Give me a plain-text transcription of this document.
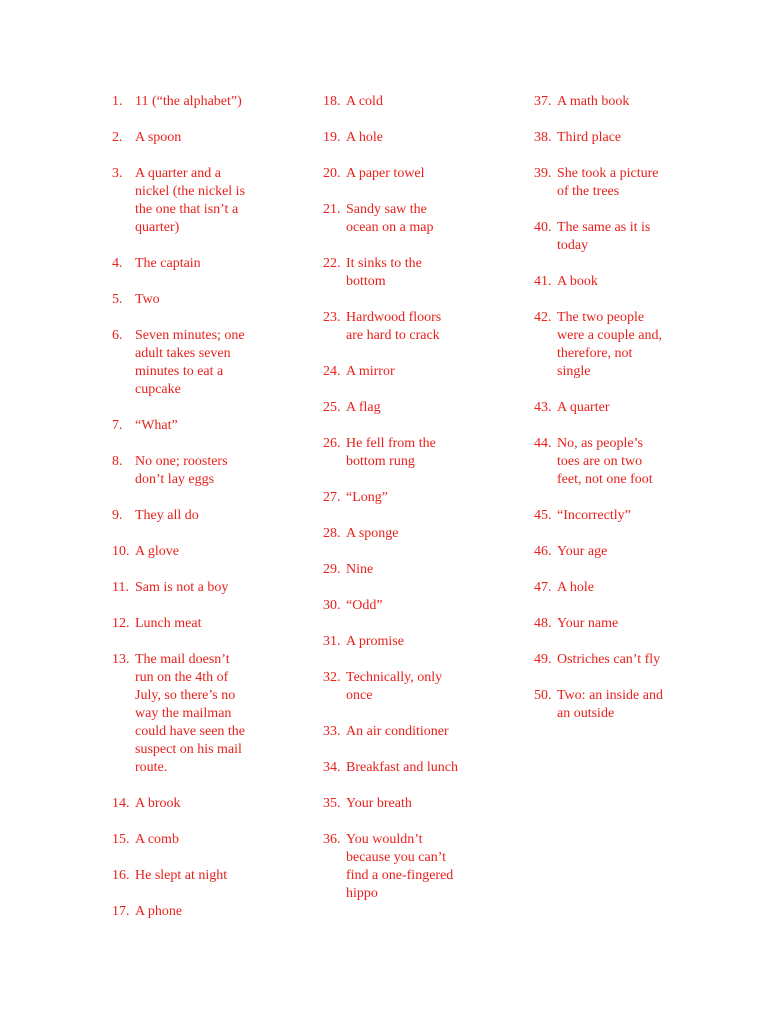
1. 11 (“the alphabet”)
2. A spoon
3. A quarter and a
nickel (the nickel is
the one that isn’t a
quarter)
4. The captain
5. Two
6. Seven minutes; one
adult takes seven
minutes to eat a
cupcake
7. “What”
8. No one; roosters
don’t lay eggs
9. They all do
10. A glove
11. Sam is not a boy
12. Lunch meat
13. The mail doesn’t
run on the 4th of
July, so there’s no
way the mailman
could have seen the
suspect on his mail
route.
14. A brook
15. A comb
16. He slept at night
17. A phone
18. A cold
19. A hole
20. A paper towel
21. Sandy saw the
ocean on a map
22. It sinks to the
bottom
23. Hardwood floors
are hard to crack
24. A mirror
25. A flag
26. He fell from the
bottom rung
27. “Long”
28. A sponge
29. Nine
30. “Odd”
31. A promise
32. Technically, only
once
33. An air conditioner
34. Breakfast and lunch
35. Your breath
36. You wouldn’t
because you can’t
find a one-fingered
hippo
37. A math book
38. Third place
39. She took a picture
of the trees
40. The same as it is
today
41. A book
42. The two people
were a couple and,
therefore, not
single
43. A quarter
44. No, as people’s
toes are on two
feet, not one foot
45. “Incorrectly”
46. Your age
47. A hole
48. Your name
49. Ostriches can’t fly
50. Two: an inside and
an outside
